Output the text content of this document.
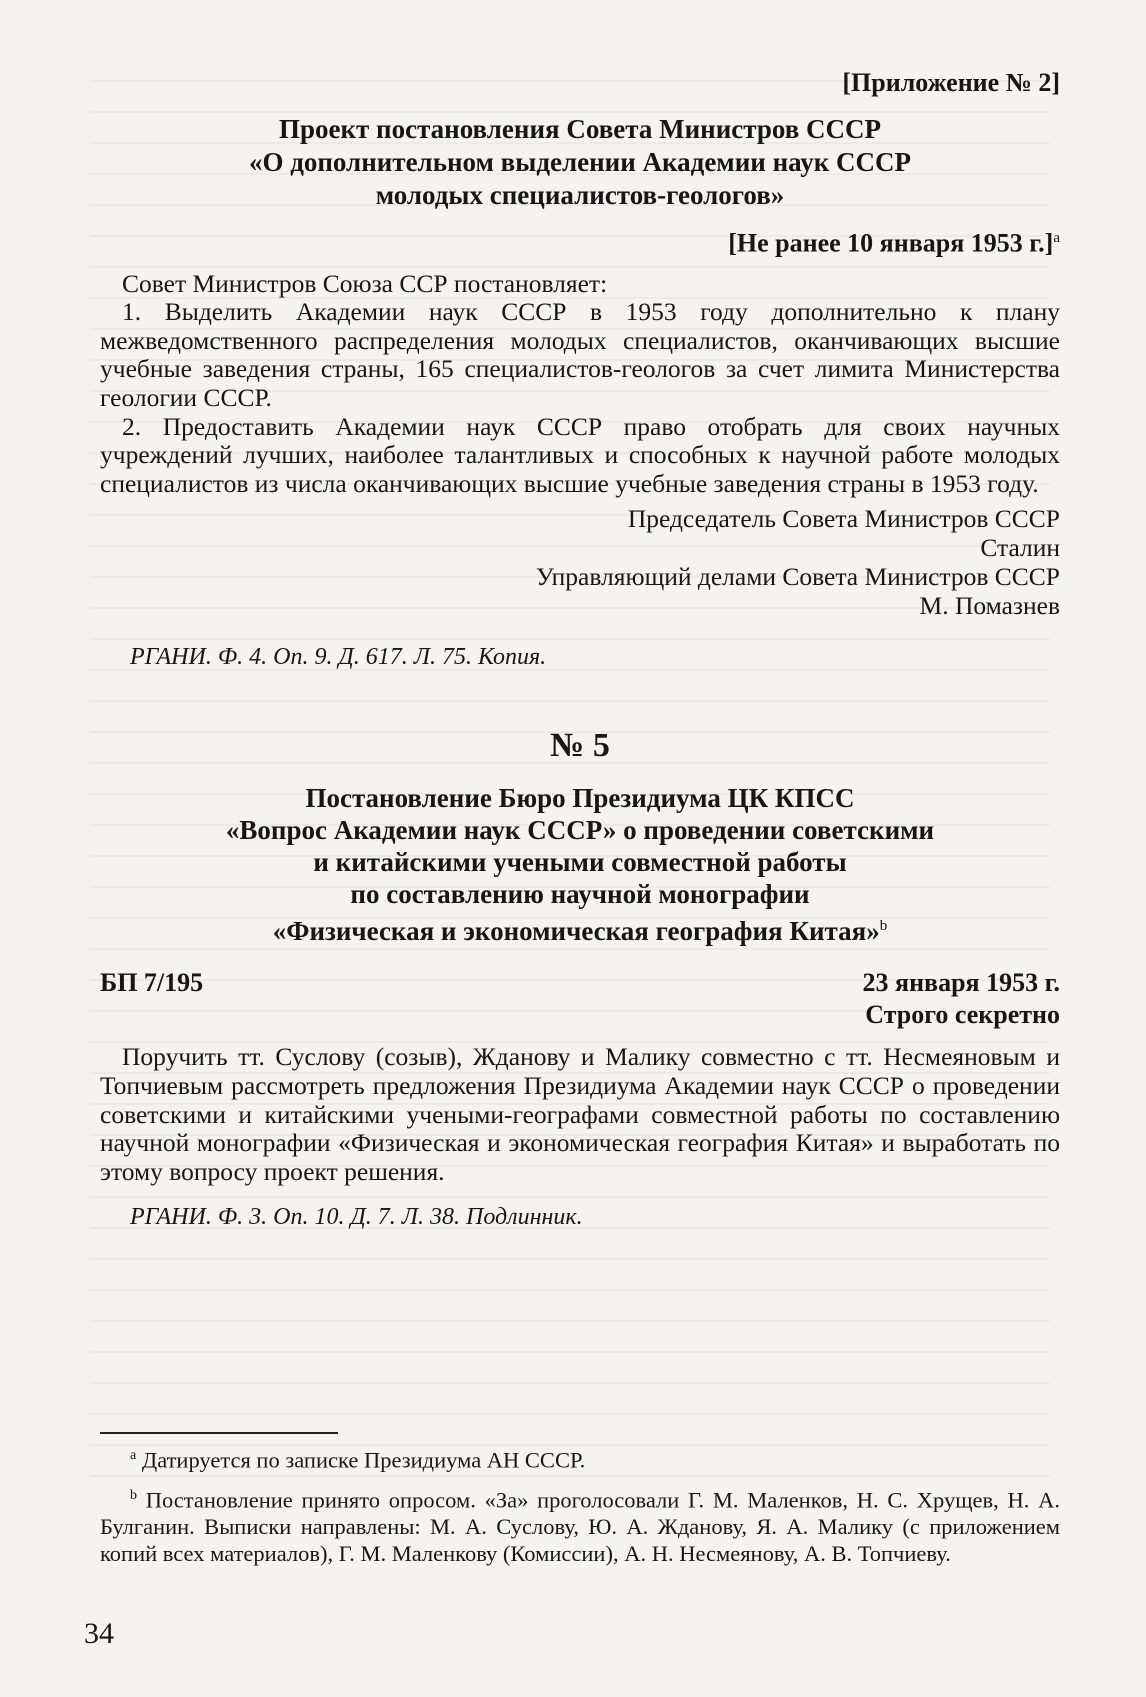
[Приложение № 2]
Проект постановления Совета Министров СССР
«О дополнительном выделении Академии наук СССР
молодых специалистов-геологов»
[Не ранее 10 января 1953 г.]$^a$

Совет Министров Союза ССР постановляет:

1. Выделить Академии наук СССР в 1953 году дополнительно к плану межведомственного распределения молодых специалистов, оканчивающих высшие учебные заведения страны, 165 специалистов-геологов за счет лимита Министерства геологии СССР.

2. Предоставить Академии наук СССР право отобрать для своих научных учреждений лучших, наиболее талантливых и способных к научной работе молодых специалистов из числа оканчивающих высшие учебные заведения страны в 1953 году.

Председатель Совета Министров СССР

Сталин

Управляющий делами Совета Министров СССР

М. Помазнев

РГАНИ. Ф. 4. Оп. 9. Д. 617. Л. 75. Копия.
№ 5
Постановление Бюро Президиума ЦК КПСС
«Вопрос Академии наук СССР» о проведении советскими
и китайскими учеными совместной работы
по составлению научной монографии
«Физическая и экономическая география Китая»$^b$
БП 7/195	23 января 1953 г.
Строго секретно

Поручить тт. Суслову (созыв), Жданову и Малику совместно с тт. Несмеяновым и Топчиевым рассмотреть предложения Президиума Академии наук СССР о проведении советскими и китайскими учеными-географами совместной работы по составлению научной монографии «Физическая и экономическая география Китая» и выработать по этому вопросу проект решения.

РГАНИ. Ф. 3. Оп. 10. Д. 7. Л. 38. Подлинник.

$^a$ Датируется по записке Президиума АН СССР.

$^b$ Постановление принято опросом. «За» проголосовали Г. М. Маленков, Н. С. Хрущев, Н. А. Булганин. Выписки направлены: М. А. Суслову, Ю. А. Жданову, Я. А. Малику (с приложением копий всех материалов), Г. М. Маленкову (Комиссии), А. Н. Несмеянову, А. В. Топчиеву.

34
